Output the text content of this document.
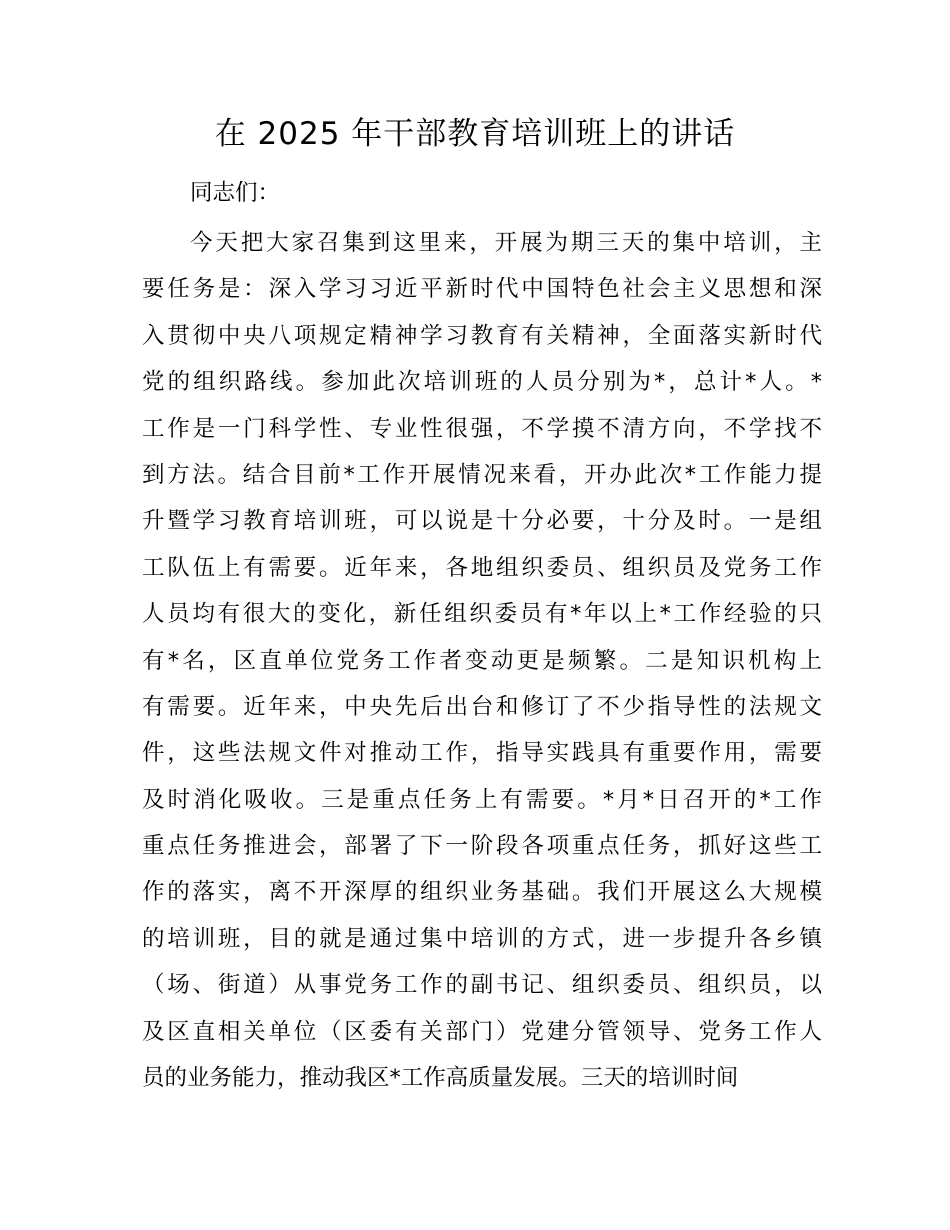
在 2025 年干部教育培训班上的讲话

同志们：

今天把大家召集到这里来，开展为期三天的集中培训，主
要任务是：深入学习习近平新时代中国特色社会主义思想和深
入贯彻中央八项规定精神学习教育有关精神，全面落实新时代
党的组织路线。参加此次培训班的人员分别为*，总计*人。*
工作是一门科学性、专业性很强，不学摸不清方向，不学找不
到方法。结合目前*工作开展情况来看，开办此次*工作能力提
升暨学习教育培训班，可以说是十分必要，十分及时。一是组
工队伍上有需要。近年来，各地组织委员、组织员及党务工作
人员均有很大的变化，新任组织委员有*年以上*工作经验的只
有*名，区直单位党务工作者变动更是频繁。二是知识机构上
有需要。近年来，中央先后出台和修订了不少指导性的法规文
件，这些法规文件对推动工作，指导实践具有重要作用，需要
及时消化吸收。三是重点任务上有需要。*月*日召开的*工作
重点任务推进会，部署了下一阶段各项重点任务，抓好这些工
作的落实，离不开深厚的组织业务基础。我们开展这么大规模
的培训班，目的就是通过集中培训的方式，进一步提升各乡镇
（场、街道）从事党务工作的副书记、组织委员、组织员，以
及区直相关单位（区委有关部门）党建分管领导、党务工作人
员的业务能力，推动我区*工作高质量发展。三天的培训时间
